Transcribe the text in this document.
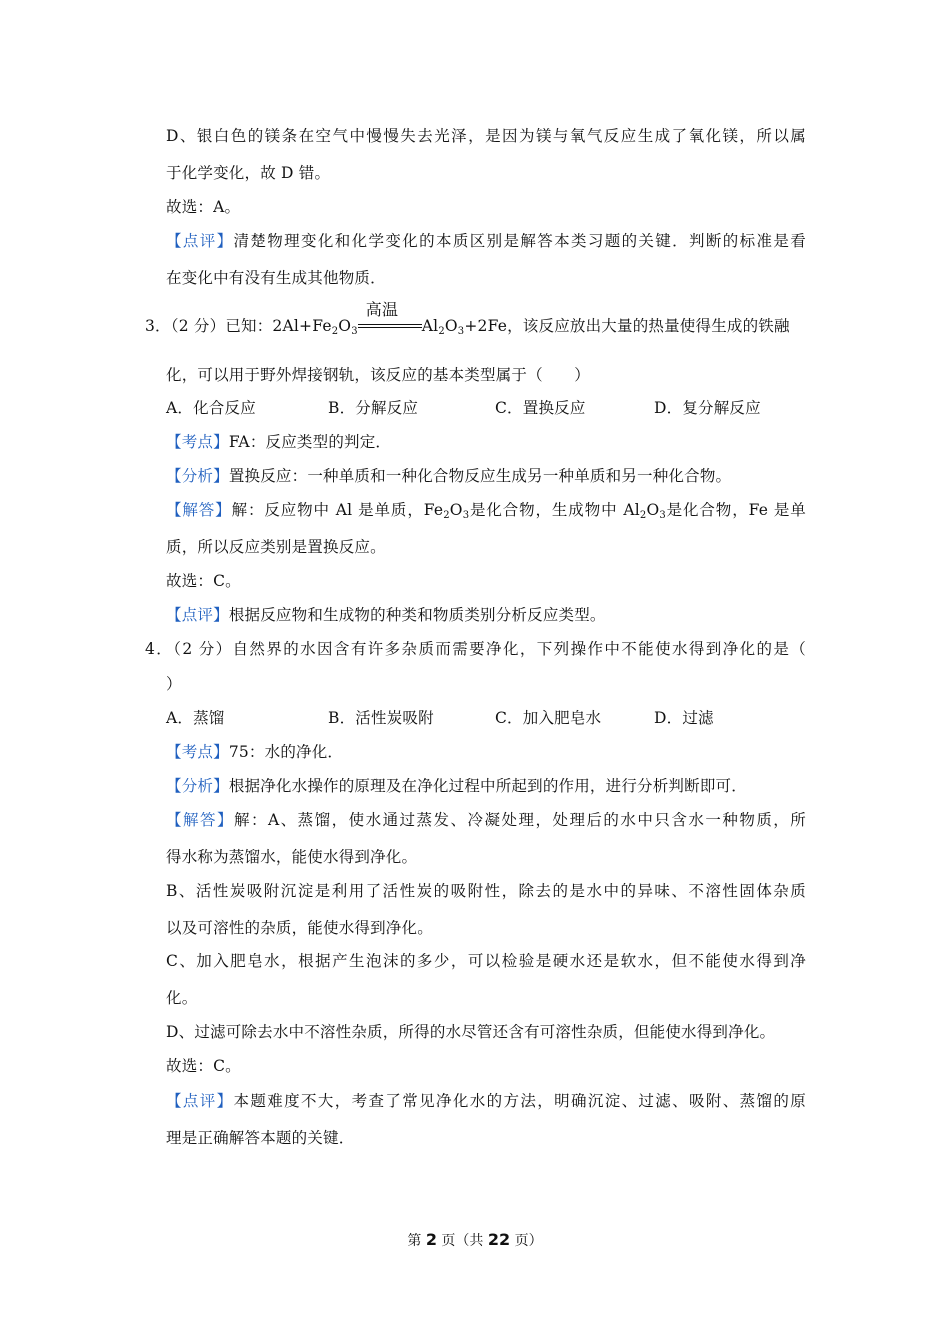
D、银白色的镁条在空气中慢慢失去光泽，是因为镁与氧气反应生成了氧化镁，所以属
于化学变化，故 D 错。
故选：A。
【点评】清楚物理变化和化学变化的本质区别是解答本类习题的关键．判断的标准是看
在变化中有没有生成其他物质．
3．（2 分）已知：$2Al+Fe_2O_3$
高温
$Al_2O_3+2Fe$，该反应放出大量的热量使得生成的铁融
化，可以用于野外焊接钢轨，该反应的基本类型属于（　　）
A．化合反应	B．分解反应	C．置换反应	D．复分解反应
【考点】FA：反应类型的判定．
【分析】置换反应：一种单质和一种化合物反应生成另一种单质和另一种化合物。
【解答】解：反应物中 Al 是单质，$Fe_2O_3$是化合物，生成物中 $Al_2O_3$是化合物，Fe 是单
质，所以反应类别是置换反应。
故选：C。
【点评】根据反应物和生成物的种类和物质类别分析反应类型。
4．（2 分）自然界的水因含有许多杂质而需要净化，下列操作中不能使水得到净化的是（
）
A．蒸馏	B．活性炭吸附	C．加入肥皂水	D．过滤
【考点】75：水的净化．
【分析】根据净化水操作的原理及在净化过程中所起到的作用，进行分析判断即可．
【解答】解：A、蒸馏，使水通过蒸发、冷凝处理，处理后的水中只含水一种物质，所
得水称为蒸馏水，能使水得到净化。
B、活性炭吸附沉淀是利用了活性炭的吸附性，除去的是水中的异味、不溶性固体杂质
以及可溶性的杂质，能使水得到净化。
C、加入肥皂水，根据产生泡沫的多少，可以检验是硬水还是软水，但不能使水得到净
化。
D、过滤可除去水中不溶性杂质，所得的水尽管还含有可溶性杂质，但能使水得到净化。
故选：C。
【点评】本题难度不大，考查了常见净化水的方法，明确沉淀、过滤、吸附、蒸馏的原
理是正确解答本题的关键．
第 2 页（共 22 页）
